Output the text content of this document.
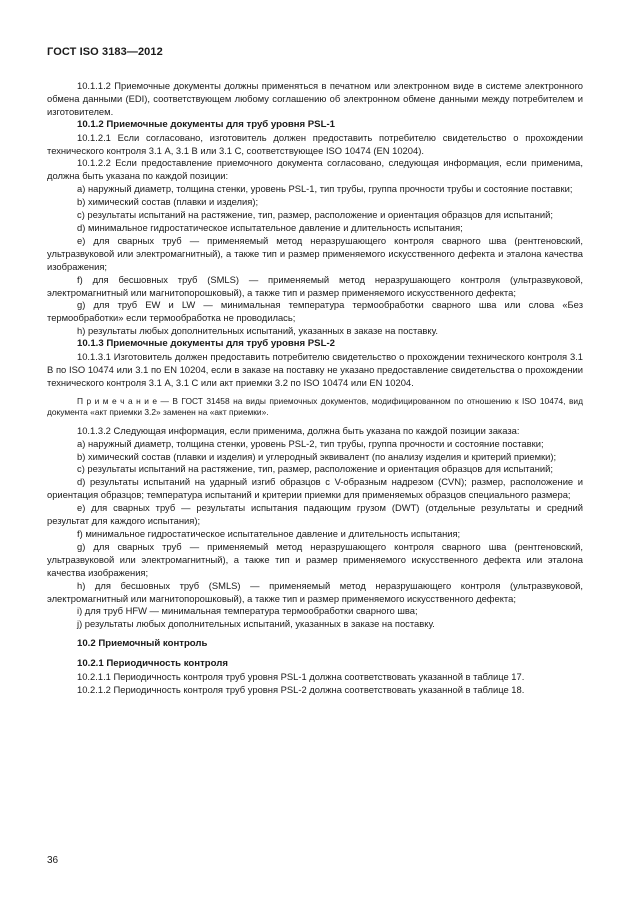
ГОСТ ISO 3183—2012

10.1.1.2 Приемочные документы должны применяться в печатном или электронном виде в системе электронного обмена данными (EDI), соответствующем любому соглашению об электронном обмене данными между потребителем и изготовителем.

10.1.2 Приемочные документы для труб уровня PSL-1

10.1.2.1 Если согласовано, изготовитель должен предоставить потребителю свидетельство о прохождении технического контроля 3.1 А, 3.1 В или 3.1 С, соответствующее ISO 10474 (EN 10204).

10.1.2.2 Если предоставление приемочного документа согласовано, следующая информация, если применима, должна быть указана по каждой позиции:

а) наружный диаметр, толщина стенки, уровень PSL-1, тип трубы, группа прочности трубы и состояние поставки;

b) химический состав (плавки и изделия);

с) результаты испытаний на растяжение, тип, размер, расположение и ориентация образцов для испытаний;

d) минимальное гидростатическое испытательное давление и длительность испытания;

е) для сварных труб — применяемый метод неразрушающего контроля сварного шва (рентгеновский, ультразвуковой или электромагнитный), а также тип и размер применяемого искусственного дефекта и эталона качества изображения;

f) для бесшовных труб (SMLS) — применяемый метод неразрушающего контроля (ультразвуковой, электромагнитный или магнитопорошковый), а также тип и размер применяемого искусственного дефекта;

g) для труб EW и LW — минимальная температура термообработки сварного шва или слова «Без термообработки» если термообработка не проводилась;

h) результаты любых дополнительных испытаний, указанных в заказе на поставку.

10.1.3 Приемочные документы для труб уровня PSL-2

10.1.3.1 Изготовитель должен предоставить потребителю свидетельство о прохождении технического контроля 3.1 В по ISO 10474 или 3.1 по EN 10204, если в заказе на поставку не указано предоставление свидетельства о прохождении технического контроля 3.1 А, 3.1 С или акт приемки 3.2 по ISO 10474 или EN 10204.

П р и м е ч а н и е — В ГОСТ 31458 на виды приемочных документов, модифицированном по отношению к ISO 10474, вид документа «акт приемки 3.2» заменен на «акт приемки».

10.1.3.2 Следующая информация, если применима, должна быть указана по каждой позиции заказа:

а) наружный диаметр, толщина стенки, уровень PSL-2, тип трубы, группа прочности и состояние поставки;

b) химический состав (плавки и изделия) и углеродный эквивалент (по анализу изделия и критерий приемки);

с) результаты испытаний на растяжение, тип, размер, расположение и ориентация образцов для испытаний;

d) результаты испытаний на ударный изгиб образцов с V-образным надрезом (CVN); размер, расположение и ориентация образцов; температура испытаний и критерии приемки для применяемых образцов специального размера;

е) для сварных труб — результаты испытания падающим грузом (DWT) (отдельные результаты и средний результат для каждого испытания);

f) минимальное гидростатическое испытательное давление и длительность испытания;

g) для сварных труб — применяемый метод неразрушающего контроля сварного шва (рентгеновский, ультразвуковой или электромагнитный), а также тип и размер применяемого искусственного дефекта или эталона качества изображения;

h) для бесшовных труб (SMLS) — применяемый метод неразрушающего контроля (ультразвуковой, электромагнитный или магнитопорошковый), а также тип и размер применяемого искусственного дефекта;

i) для труб HFW — минимальная температура термообработки сварного шва;

j) результаты любых дополнительных испытаний, указанных в заказе на поставку.

10.2 Приемочный контроль

10.2.1 Периодичность контроля

10.2.1.1 Периодичность контроля труб уровня PSL-1 должна соответствовать указанной в таблице 17.

10.2.1.2 Периодичность контроля труб уровня PSL-2 должна соответствовать указанной в таблице 18.

36
